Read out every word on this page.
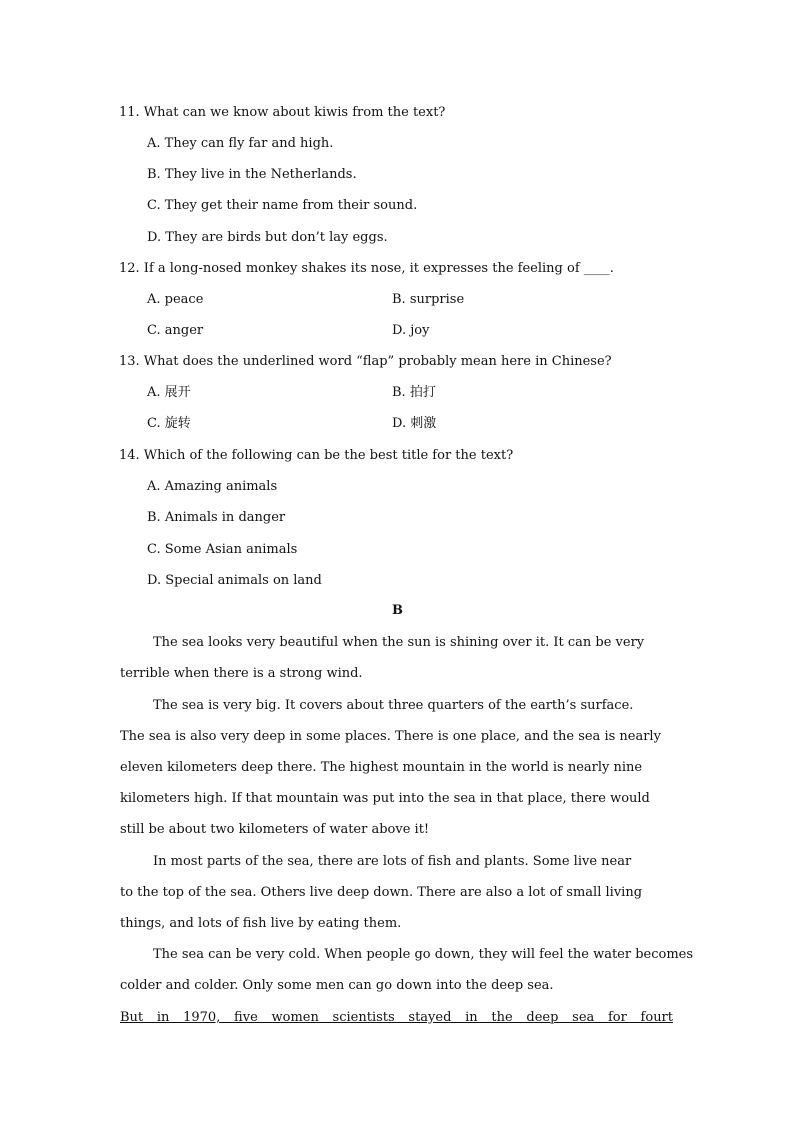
11. What can we know about kiwis from the text?
A. They can fly far and high.
B. They live in the Netherlands.
C. They get their name from their sound.
D. They are birds but don’t lay eggs.
12. If a long-nosed monkey shakes its nose, it expresses the feeling of ____.
A. peace	B. surprise
C. anger	D. joy
13. What does the underlined word “flap” probably mean here in Chinese?
A. 展开	B. 拍打
C. 旋转	D. 刺激
14. Which of the following can be the best title for the text?
A. Amazing animals
B. Animals in danger
C. Some Asian animals
D. Special animals on land
B
The sea looks very beautiful when the sun is shining over it. It can be very
terrible when there is a strong wind.
The sea is very big. It covers about three quarters of the earth’s surface.
The sea is also very deep in some places. There is one place, and the sea is nearly
eleven kilometers deep there. The highest mountain in the world is nearly nine
kilometers high. If that mountain was put into the sea in that place, there would
still be about two kilometers of water above it!
In most parts of the sea, there are lots of fish and plants. Some live near
to the top of the sea. Others live deep down. There are also a lot of small living
things, and lots of fish live by eating them.
The sea can be very cold. When people go down, they will feel the water becomes
colder and colder. Only some men can go down into the deep sea.
But in 1970, five women scientists stayed in the deep sea for fourt
